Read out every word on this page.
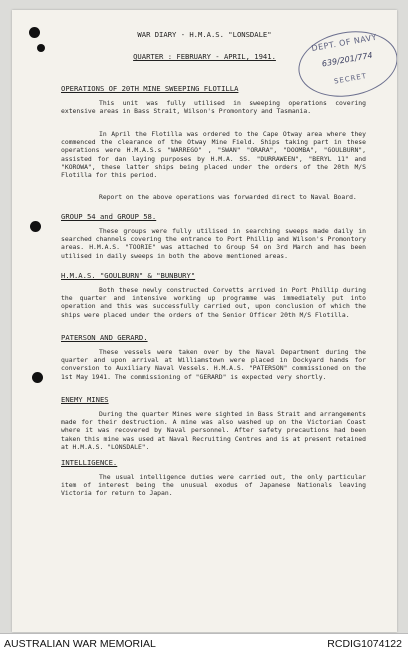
DEPT. OF NAVY
639/201/774
SECRET
WAR DIARY - H.M.A.S. "LONSDALE"
QUARTER : FEBRUARY - APRIL, 1941.
OPERATIONS OF 20TH MINE SWEEPING FLOTILLA

This unit was fully utilised in sweeping operations covering extensive areas in Bass Strait, Wilson's Promontory and Tasmania.

In April the Flotilla was ordered to the Cape Otway area where they commenced the clearance of the Otway Mine Field. Ships taking part in these operations were H.M.A.S.s "WARREGO" , "SWAN" "ORARA", "DOOMBA", "GOULBURN", assisted for dan laying purposes by H.M.A. SS. "DURRAWEEN", "BERYL 11" and "KOROWA", these latter ships being placed under the orders of the 20th M/S Flotilla for this period.

Report on the above operations was forwarded direct to Naval Board.

GROUP 54 and GROUP 58.

These groups were fully utilised in searching sweeps made daily in searched channels covering the entrance to Port Phillip and Wilson's Promontory areas. H.M.A.S. "TOORIE" was attached to Group 54 on 3rd March and has been utilised in daily sweeps in both the above mentioned areas.

H.M.A.S. "GOULBURN" & "BUNBURY"

Both these newly constructed Corvetts arrived in Port Phillip during the quarter and intensive working up programme was immediately put into operation and this was successfully carried out, upon conclusion of which the ships were placed under the orders of the Senior Officer 20th M/S Flotilla.

PATERSON AND GERARD.

These vessels were taken over by the Naval Department during the quarter and upon arrival at Williamstown were placed in Dockyard hands for conversion to Auxiliary Naval Vessels. H.M.A.S. "PATERSON" commissioned on the 1st May 1941. The commissioning of "GERARD" is expected very shortly.

ENEMY MINES

During the quarter Mines were sighted in Bass Strait and arrangements made for their destruction. A mine was also washed up on the Victorian Coast where it was recovered by Naval personnel. After safety precautions had been taken this mine was used at Naval Recruiting Centres and is at present retained at H.M.A.S. "LONSDALE".

INTELLIGENCE.

The usual intelligence duties were carried out, the only particular item of interest being the unusual exodus of Japanese Nationals leaving Victoria for return to Japan.

AUSTRALIAN WAR MEMORIAL	RCDIG1074122
